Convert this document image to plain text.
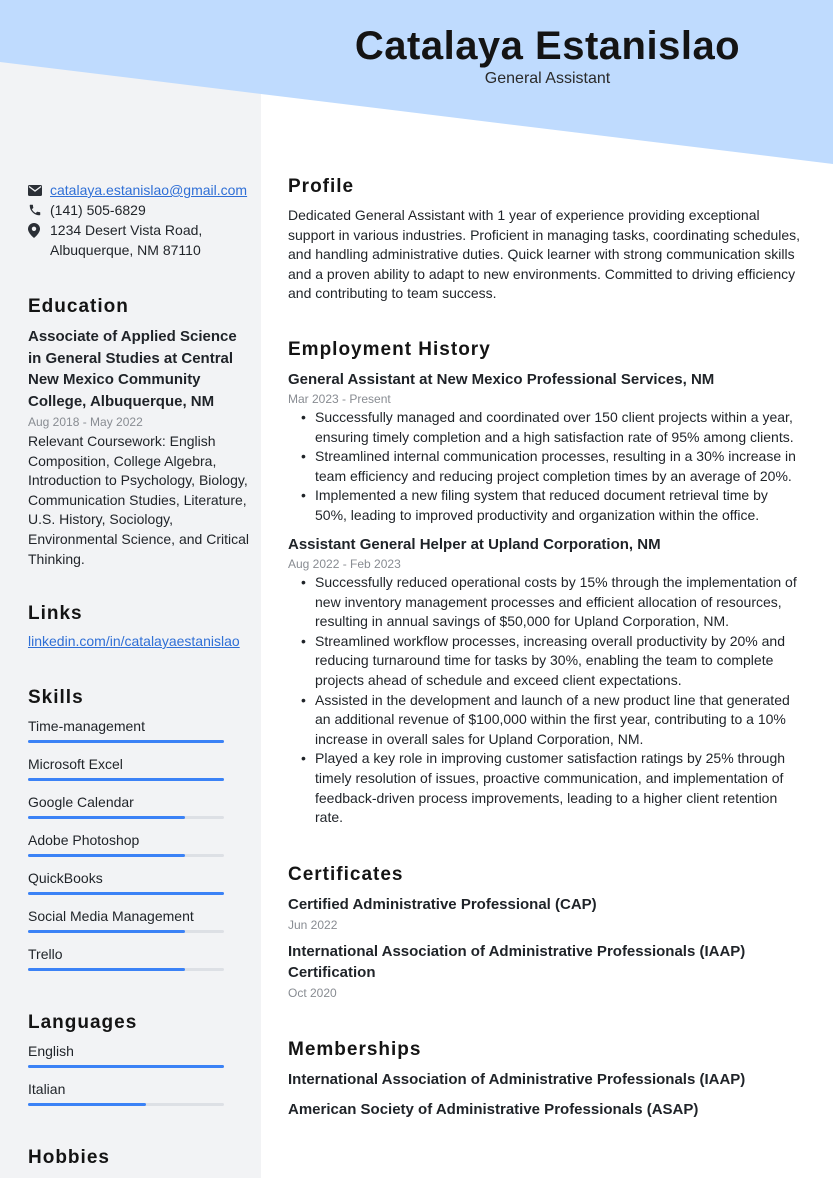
Catalaya Estanislao
General Assistant
catalaya.estanislao@gmail.com
(141) 505-6829
1234 Desert Vista Road,
Albuquerque, NM 87110
Education
Associate of Applied Science in General Studies at Central New Mexico Community College, Albuquerque, NM
Aug 2018 - May 2022
Relevant Coursework: English Composition, College Algebra, Introduction to Psychology, Biology, Communication Studies, Literature, U.S. History, Sociology, Environmental Science, and Critical Thinking.
Links
linkedin.com/in/catalayaestanislao
Skills
Time-management
Microsoft Excel
Google Calendar
Adobe Photoshop
QuickBooks
Social Media Management
Trello
Languages
English
Italian
Hobbies
Profile
Dedicated General Assistant with 1 year of experience providing exceptional support in various industries. Proficient in managing tasks, coordinating schedules, and handling administrative duties. Quick learner with strong communication skills and a proven ability to adapt to new environments. Committed to driving efficiency and contributing to team success.
Employment History
General Assistant at New Mexico Professional Services, NM
Mar 2023 - Present
• Successfully managed and coordinated over 150 client projects within a year, ensuring timely completion and a high satisfaction rate of 95% among clients.
• Streamlined internal communication processes, resulting in a 30% increase in team efficiency and reducing project completion times by an average of 20%.
• Implemented a new filing system that reduced document retrieval time by 50%, leading to improved productivity and organization within the office.
Assistant General Helper at Upland Corporation, NM
Aug 2022 - Feb 2023
• Successfully reduced operational costs by 15% through the implementation of new inventory management processes and efficient allocation of resources, resulting in annual savings of $50,000 for Upland Corporation, NM.
• Streamlined workflow processes, increasing overall productivity by 20% and reducing turnaround time for tasks by 30%, enabling the team to complete projects ahead of schedule and exceed client expectations.
• Assisted in the development and launch of a new product line that generated an additional revenue of $100,000 within the first year, contributing to a 10% increase in overall sales for Upland Corporation, NM.
• Played a key role in improving customer satisfaction ratings by 25% through timely resolution of issues, proactive communication, and implementation of feedback-driven process improvements, leading to a higher client retention rate.
Certificates
Certified Administrative Professional (CAP)
Jun 2022
International Association of Administrative Professionals (IAAP) Certification
Oct 2020
Memberships
International Association of Administrative Professionals (IAAP)
American Society of Administrative Professionals (ASAP)
